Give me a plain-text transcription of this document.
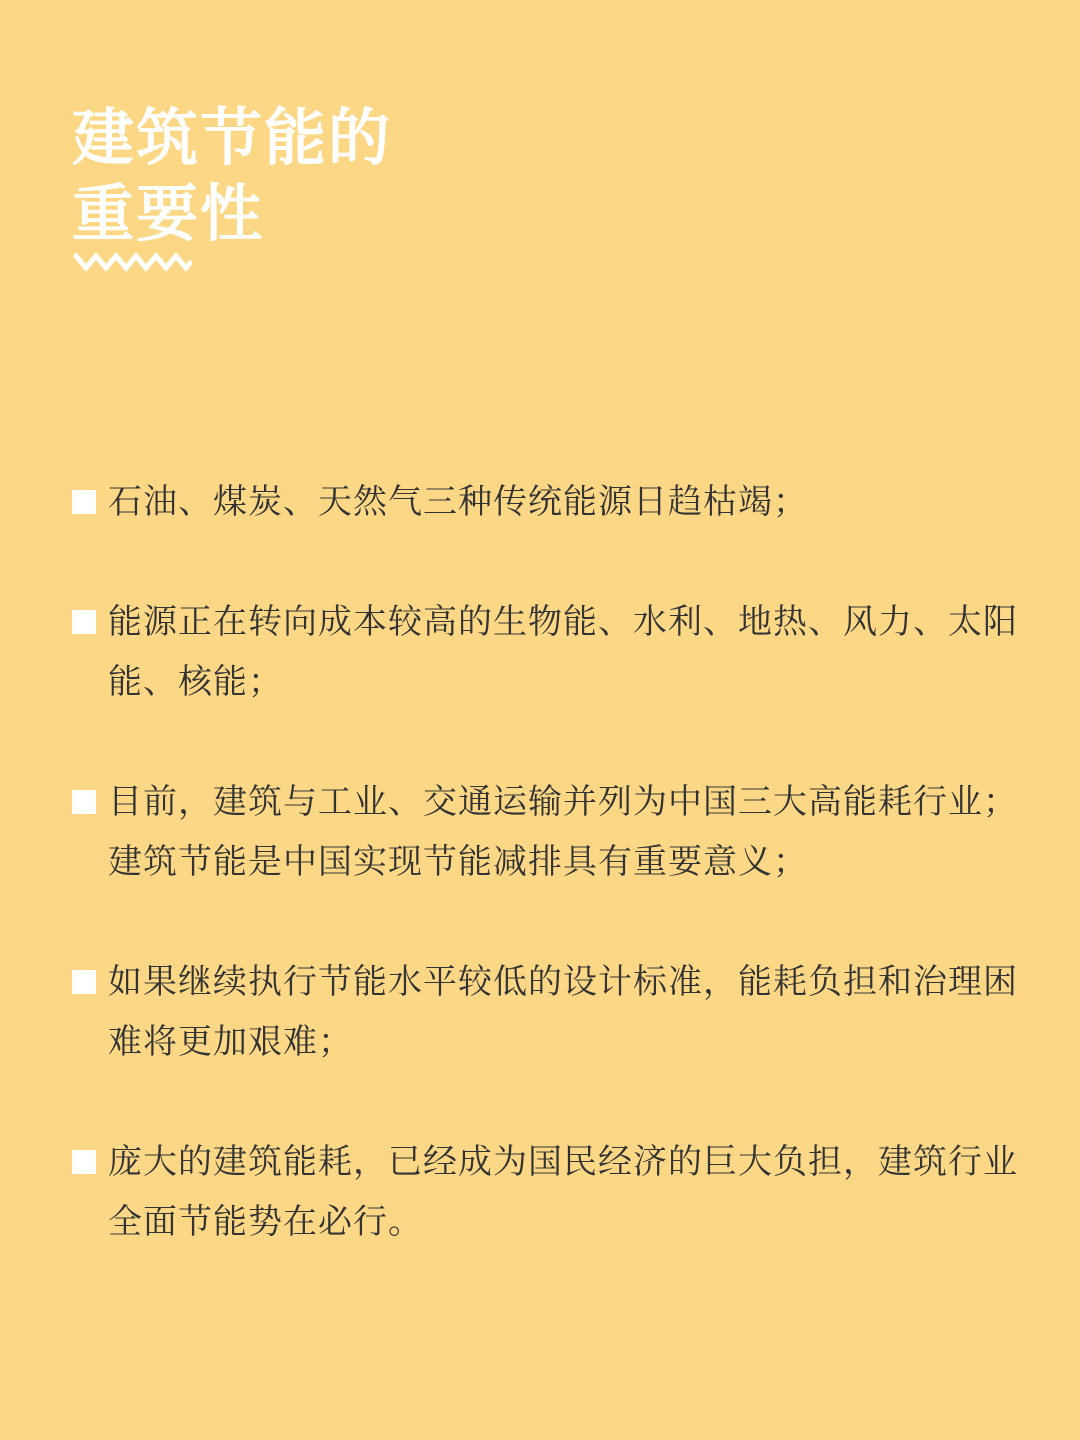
建筑节能的
重要性
石油、煤炭、天然气三种传统能源日趋枯竭；
能源正在转向成本较高的生物能、水利、地热、风力、太阳能、核能；
目前，建筑与工业、交通运输并列为中国三大高能耗行业；建筑节能是中国实现节能减排具有重要意义；
如果继续执行节能水平较低的设计标准，能耗负担和治理困难将更加艰难；
庞大的建筑能耗，已经成为国民经济的巨大负担，建筑行业全面节能势在必行。
